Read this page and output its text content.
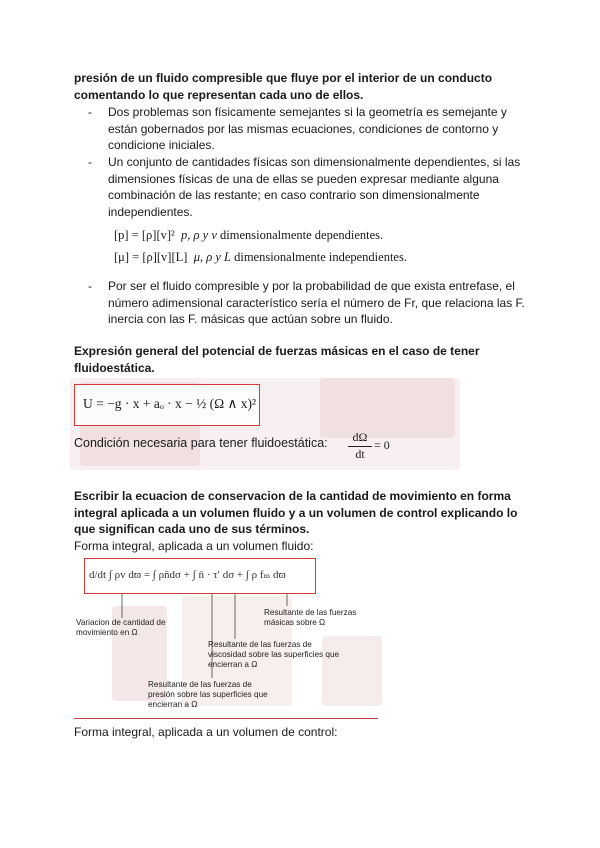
presión de un fluido compresible que fluye por el interior de un conducto comentando lo que representan cada uno de ellos.
-	Dos problemas son físicamente semejantes si la geometría es semejante y están gobernados por las mismas ecuaciones, condiciones de contorno y condicione iniciales.
-	Un conjunto de cantidades físicas son dimensionalmente dependientes, si las dimensiones físicas de una de ellas se pueden expresar mediante alguna combinación de las restante; en caso contrario son dimensionalmente independientes.
[p] = [ρ][v]² p, ρ y v dimensionalmente dependientes.
[μ] = [ρ][v][L] μ, ρ y L dimensionalmente independientes.
-	Por ser el fluido compresible y por la probabilidad de que exista entrefase, el número adimensional característico sería el número de Fr, que relaciona las F. inercia con las F. másicas que actúan sobre un fluido.
Expresión general del potencial de fuerzas másicas en el caso de tener fluidoestática.
U = −g · x + aₒ · x − ½ (Ω ∧ x)²
Condición necesaria para tener fluidoestática: $\frac{d\Omega}{dt} = 0$
Escribir la ecuacion de conservacion de la cantidad de movimiento en forma integral aplicada a un volumen fluido y a un volumen de control explicando lo que significan cada uno de sus términos.
Forma integral, aplicada a un volumen fluido:
d/dt ∫ ρv dϖ = ∫ ρn̄dσ + ∫ n̄ · τ′ dσ + ∫ ρ fₘ dϖ
Variacion de cantidad de movimiento en Ω
Resultante de las fuerzas másicas sobre Ω
Resultante de las fuerzas de viscosidad sobre las superficies que encierran a Ω
Resultante de las fuerzas de presión sobre las superficies que encierran a Ω
Forma integral, aplicada a un volumen de control:
